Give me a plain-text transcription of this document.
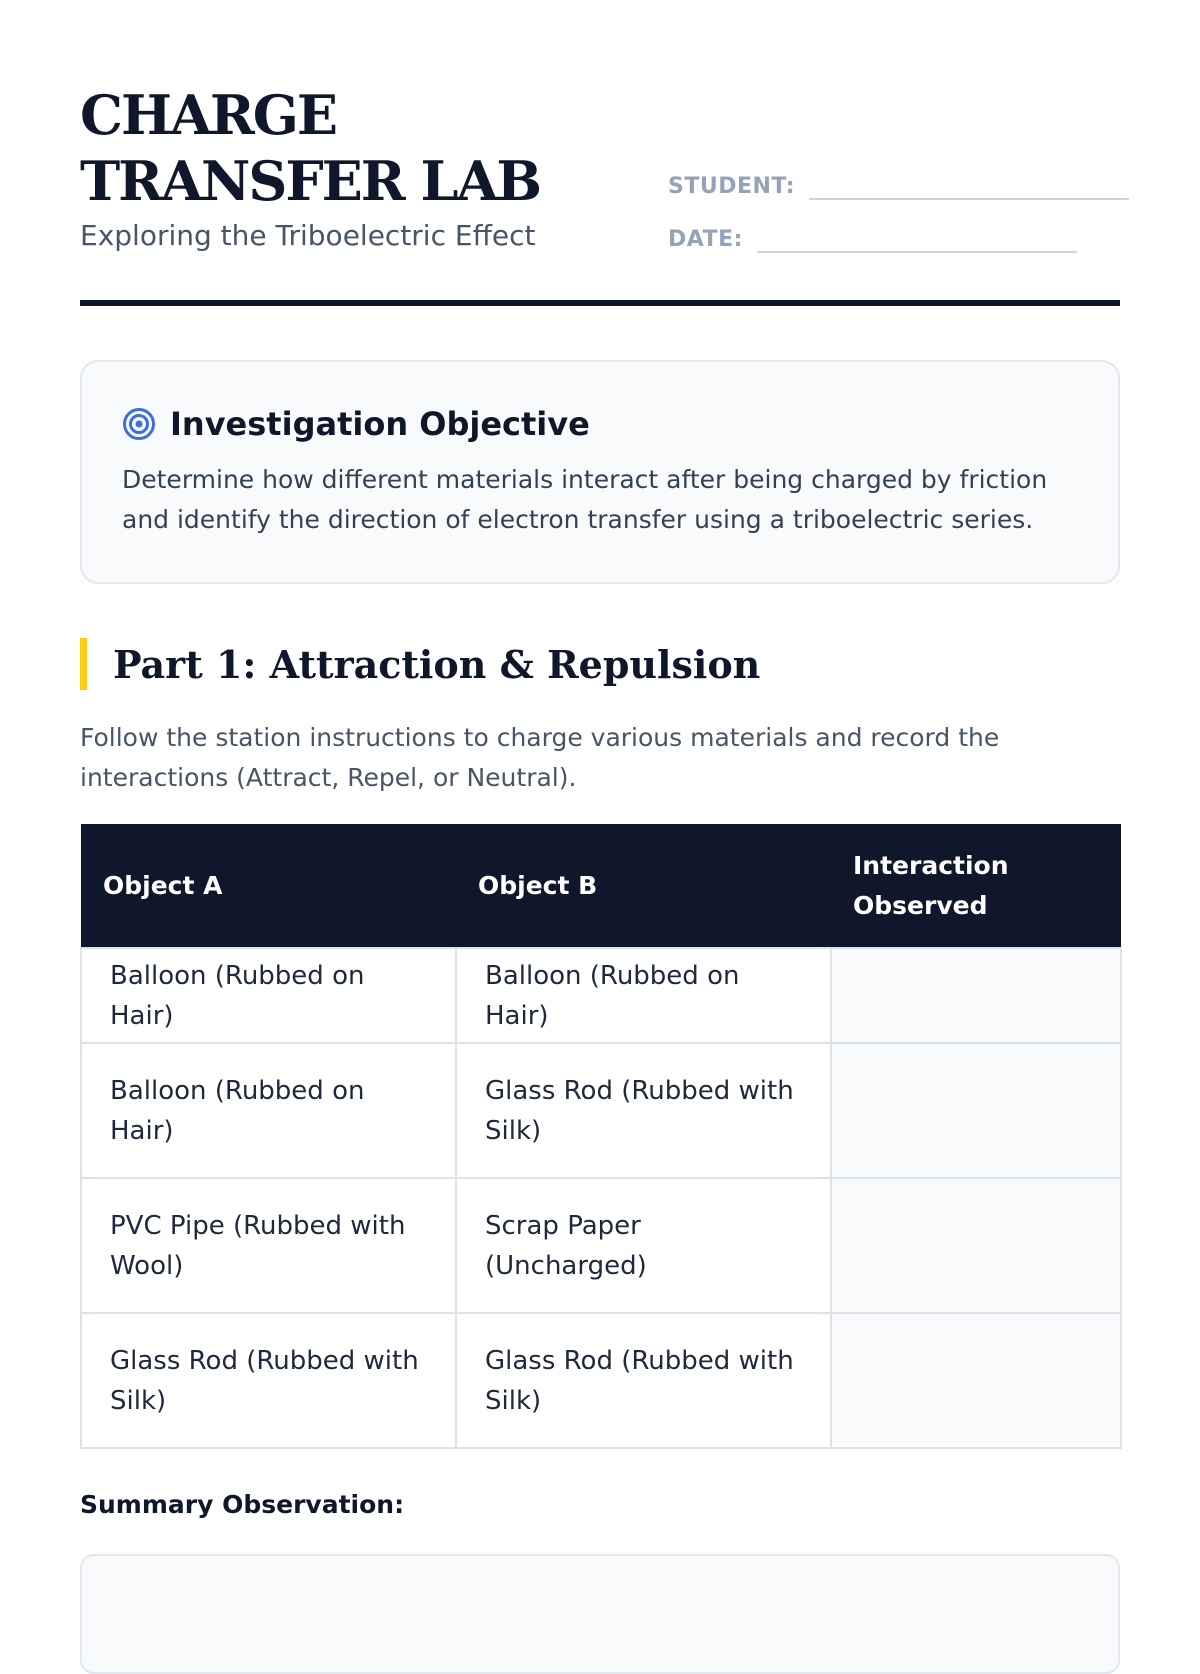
CHARGE TRANSFER LAB

Exploring the Triboelectric Effect

STUDENT:
DATE:
Investigation Objective

Determine how different materials interact after being charged by friction and identify the direction of electron transfer using a triboelectric series.

Part 1: Attraction & Repulsion

Follow the station instructions to charge various materials and record the interactions (Attract, Repel, or Neutral).

Object A	Object B	Interaction Observed
Balloon (Rubbed on Hair)	Balloon (Rubbed on Hair)	
Balloon (Rubbed on Hair)	Glass Rod (Rubbed with Silk)	
PVC Pipe (Rubbed with Wool)	Scrap Paper (Uncharged)	
Glass Rod (Rubbed with Silk)	Glass Rod (Rubbed with Silk)	

Summary Observation:
